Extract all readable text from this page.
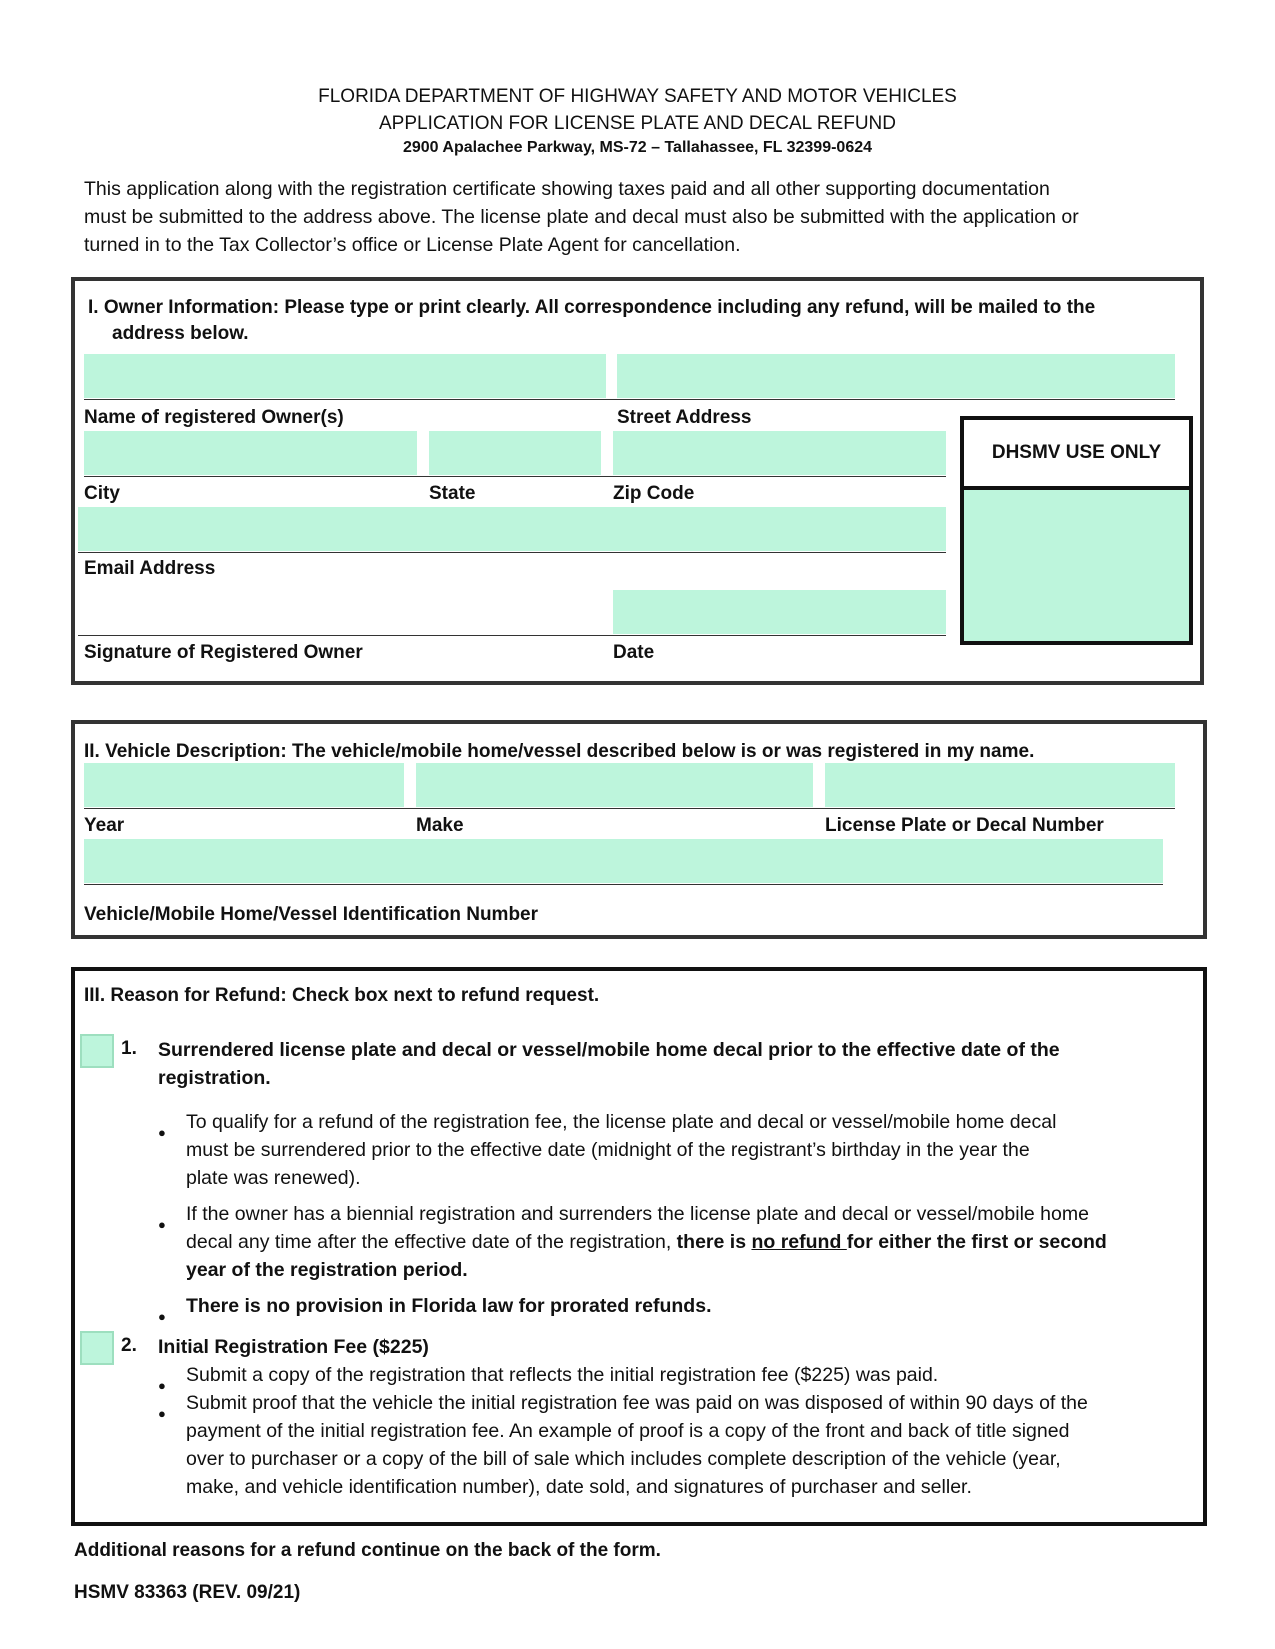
FLORIDA DEPARTMENT OF HIGHWAY SAFETY AND MOTOR VEHICLES
APPLICATION FOR LICENSE PLATE AND DECAL REFUND
2900 Apalachee Parkway, MS-72 – Tallahassee, FL 32399-0624
This application along with the registration certificate showing taxes paid and all other supporting documentation
must be submitted to the address above. The license plate and decal must also be submitted with the application or
turned in to the Tax Collector’s office or License Plate Agent for cancellation.
I. Owner Information: Please type or print clearly. All correspondence including any refund, will be mailed to the
address below.
Name of registered Owner(s)	Street Address
City	State	Zip Code
Email Address
Signature of Registered Owner	Date
DHSMV USE ONLY
II. Vehicle Description: The vehicle/mobile home/vessel described below is or was registered in my name.
Year	Make	License Plate or Decal Number
Vehicle/Mobile Home/Vessel Identification Number
III. Reason for Refund: Check box next to refund request.
1. Surrendered license plate and decal or vessel/mobile home decal prior to the effective date of the
registration.
● To qualify for a refund of the registration fee, the license plate and decal or vessel/mobile home decal
must be surrendered prior to the effective date (midnight of the registrant’s birthday in the year the
plate was renewed).
● If the owner has a biennial registration and surrenders the license plate and decal or vessel/mobile home
decal any time after the effective date of the registration, there is no refund for either the first or second
year of the registration period.
● There is no provision in Florida law for prorated refunds.
2. Initial Registration Fee ($225)
● Submit a copy of the registration that reflects the initial registration fee ($225) was paid.
● Submit proof that the vehicle the initial registration fee was paid on was disposed of within 90 days of the
payment of the initial registration fee. An example of proof is a copy of the front and back of title signed
over to purchaser or a copy of the bill of sale which includes complete description of the vehicle (year,
make, and vehicle identification number), date sold, and signatures of purchaser and seller.
Additional reasons for a refund continue on the back of the form.
HSMV 83363 (REV. 09/21)
